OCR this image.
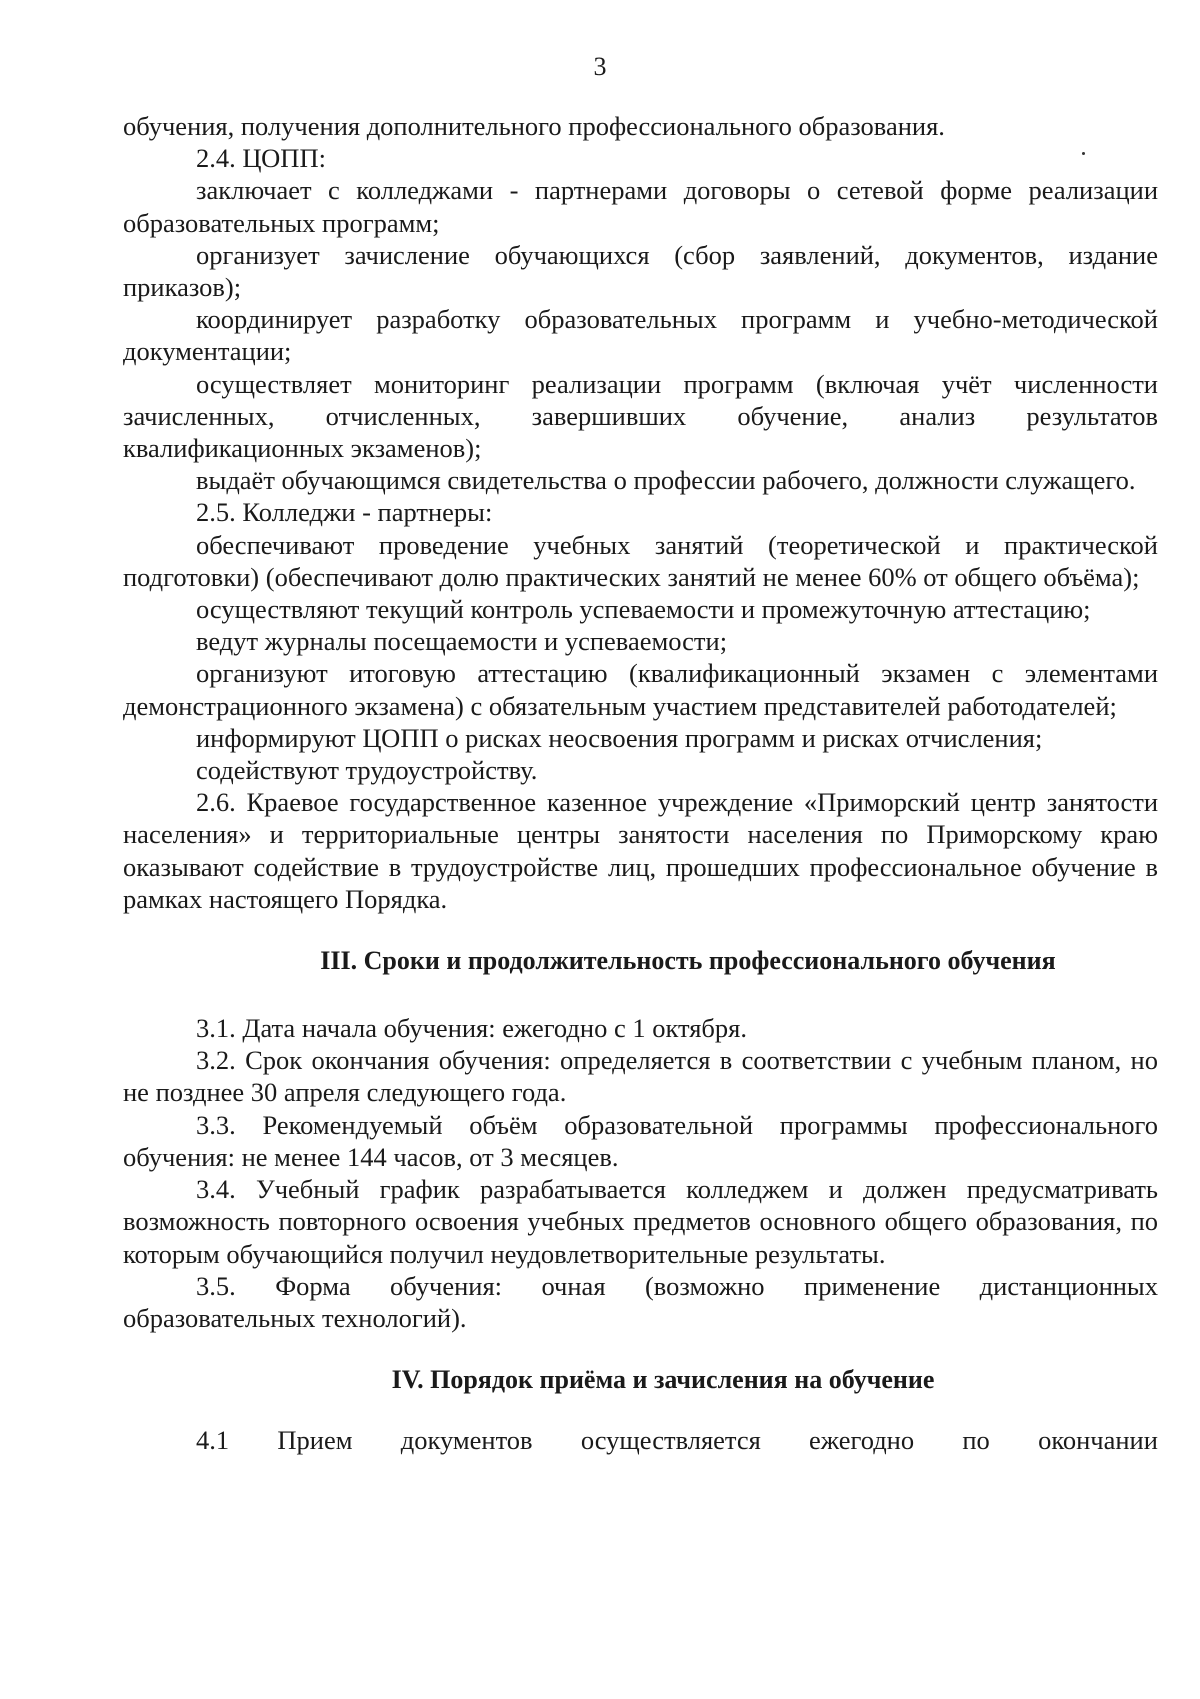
3

обучения, получения дополнительного профессионального образования.

2.4. ЦОПП:

заключает с колледжами - партнерами договоры о сетевой форме реализации образовательных программ;

организует зачисление обучающихся (сбор заявлений, документов, издание приказов);

координирует разработку образовательных программ и учебно-методической документации;

осуществляет мониторинг реализации программ (включая учёт численности зачисленных, отчисленных, завершивших обучение, анализ результатов квалификационных экзаменов);

выдаёт обучающимся свидетельства о профессии рабочего, должности служащего.

2.5. Колледжи - партнеры:

обеспечивают проведение учебных занятий (теоретической и практической подготовки) (обеспечивают долю практических занятий не менее 60% от общего объёма);

осуществляют текущий контроль успеваемости и промежуточную аттестацию;

ведут журналы посещаемости и успеваемости;

организуют итоговую аттестацию (квалификационный экзамен с элементами демонстрационного экзамена) с обязательным участием представителей работодателей;

информируют ЦОПП о рисках неосвоения программ и рисках отчисления;

содействуют трудоустройству.

2.6. Краевое государственное казенное учреждение «Приморский центр занятости населения» и территориальные центры занятости населения по Приморскому краю оказывают содействие в трудоустройстве лиц, прошедших профессиональное обучение в рамках настоящего Порядка.

III. Сроки и продолжительность профессионального обучения

3.1. Дата начала обучения: ежегодно с 1 октября.

3.2. Срок окончания обучения: определяется в соответствии с учебным планом, но не позднее 30 апреля следующего года.

3.3. Рекомендуемый объём образовательной программы профессионального обучения: не менее 144 часов, от 3 месяцев.

3.4. Учебный график разрабатывается колледжем и должен предусматривать возможность повторного освоения учебных предметов основного общего образования, по которым обучающийся получил неудовлетворительные результаты.

3.5. Форма обучения: очная (возможно применение дистанционных образовательных технологий).

IV. Порядок приёма и зачисления на обучение

4.1 Прием документов осуществляется ежегодно по окончании
